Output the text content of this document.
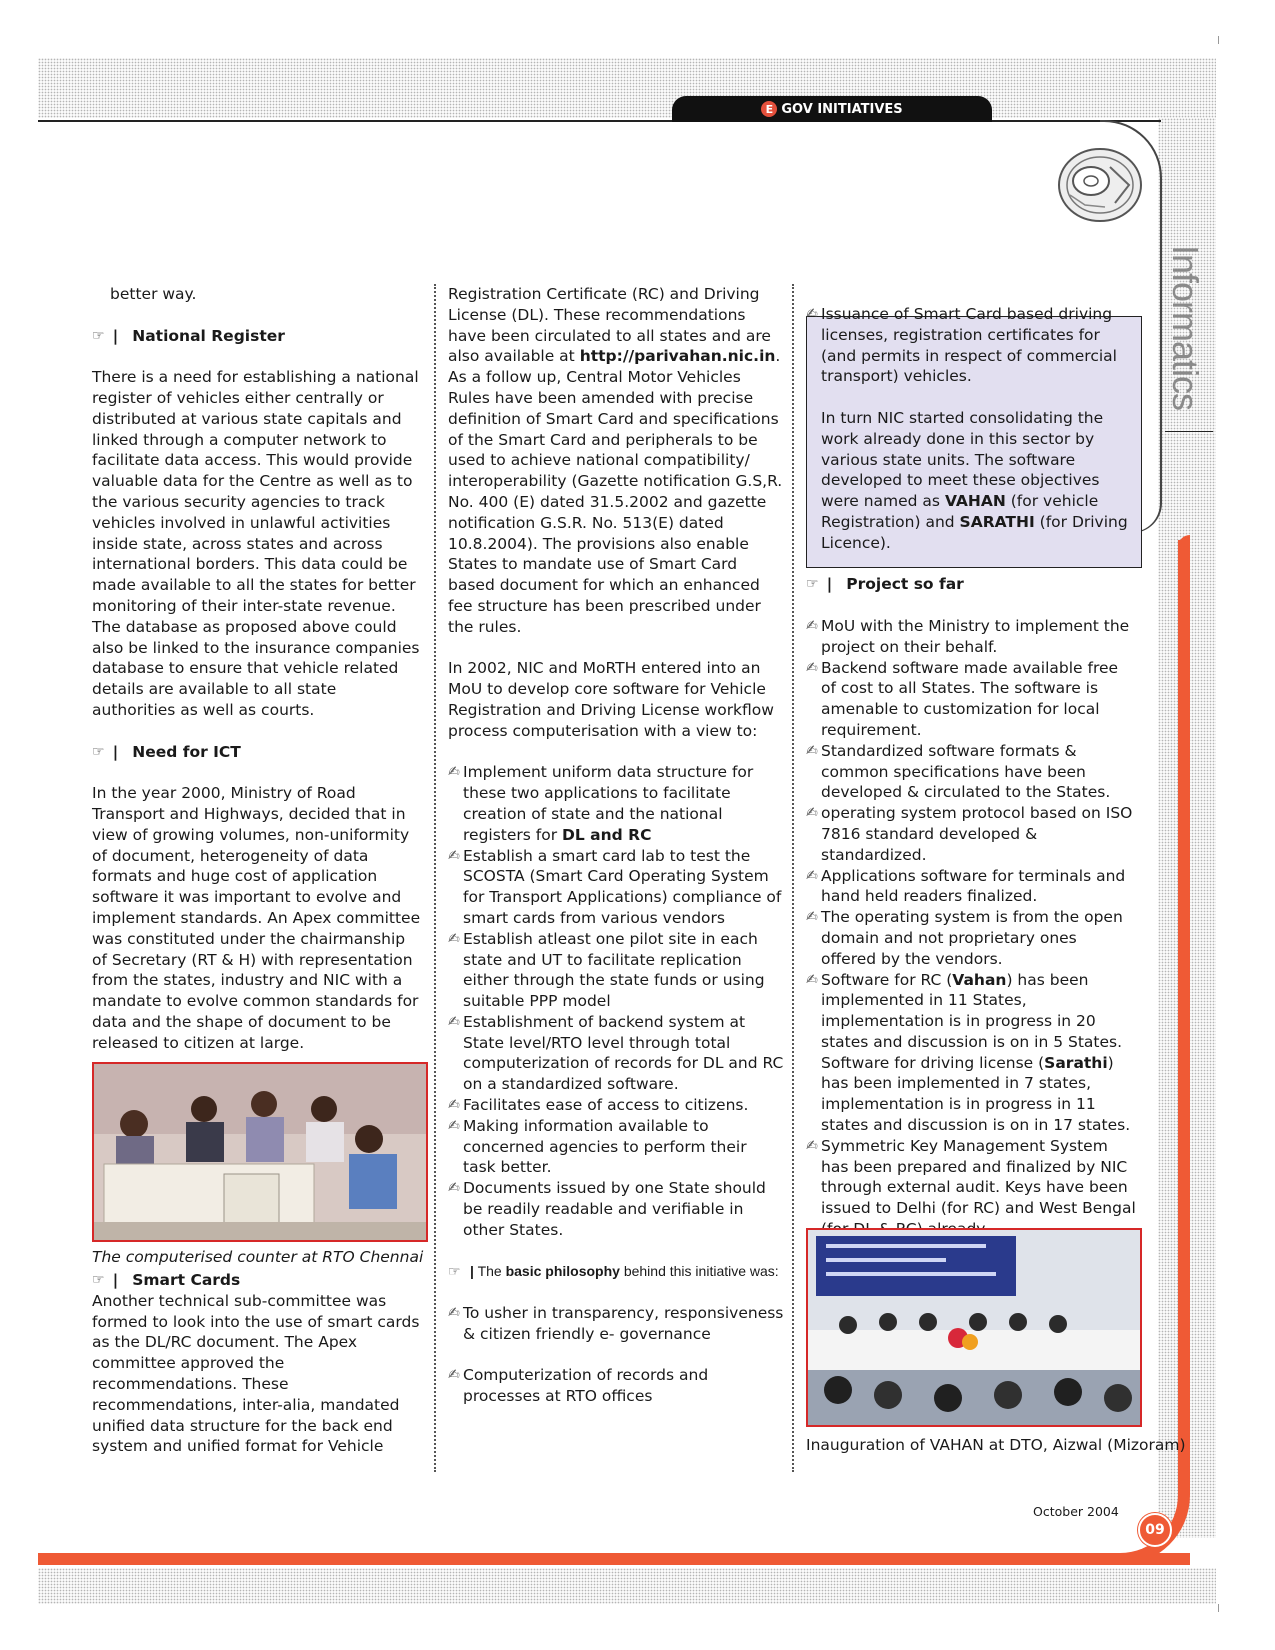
E GOV INITIATIVES
Informatics

better way.

☞ | National Register

There is a need for establishing a national register of vehicles either centrally or distributed at various state capitals and linked through a computer network to facilitate data access. This would provide valuable data for the Centre as well as to the various security agencies to track vehicles involved in unlawful activities inside state, across states and across international borders. This data could be made available to all the states for better monitoring of their inter-state revenue. The database as proposed above could also be linked to the insurance companies database to ensure that vehicle related details are available to all state authorities as well as courts.

☞ | Need for ICT

In the year 2000, Ministry of Road Transport and Highways, decided that in view of growing volumes, non-uniformity of document, heterogeneity of data formats and huge cost of application software it was important to evolve and implement standards. An Apex committee was constituted under the chairmanship of Secretary (RT & H) with representation from the states, industry and NIC with a mandate to evolve common standards for data and the shape of document to be released to citizen at large.

The computerised counter at RTO Chennai
☞ | Smart Cards

Another technical sub-committee was formed to look into the use of smart cards as the DL/RC document. The Apex committee approved the recommendations. These recommendations, inter-alia, mandated unified data structure for the back end system and unified format for Vehicle

Registration Certificate (RC) and Driving License (DL). These recommendations have been circulated to all states and are also available at http://parivahan.nic.in. As a follow up, Central Motor Vehicles Rules have been amended with precise definition of Smart Card and specifications of the Smart Card and peripherals to be used to achieve national compatibility/ interoperability (Gazette notification G.S,R. No. 400 (E) dated 31.5.2002 and gazette notification G.S.R. No. 513(E) dated 10.8.2004). The provisions also enable States to mandate use of Smart Card based document for which an enhanced fee structure has been prescribed under the rules.

In 2002, NIC and MoRTH entered into an MoU to develop core software for Vehicle Registration and Driving License workflow process computerisation with a view to:

✍ Implement uniform data structure for these two applications to facilitate creation of state and the national registers for DL and RC
✍ Establish a smart card lab to test the SCOSTA (Smart Card Operating System for Transport Applications) compliance of smart cards from various vendors
✍ Establish atleast one pilot site in each state and UT to facilitate replication either through the state funds or using suitable PPP model
✍ Establishment of backend system at State level/RTO level through total computerization of records for DL and RC on a standardized software.
✍ Facilitates ease of access to citizens.
✍ Making information available to concerned agencies to perform their task better.
✍ Documents issued by one State should be readily readable and verifiable in other States.
☞ | The basic philosophy behind this initiative was:
✍ To usher in transparency, responsiveness & citizen friendly e- governance
✍ Computerization of records and processes at RTO offices
✍ Issuance of Smart Card based driving licenses, registration certificates for (and permits in respect of commercial transport) vehicles.

In turn NIC started consolidating the work already done in this sector by various state units. The software developed to meet these objectives were named as VAHAN (for vehicle Registration) and SARATHI (for Driving Licence).

☞ | Project so far
✍ MoU with the Ministry to implement the project on their behalf.
✍ Backend software made available free of cost to all States. The software is amenable to customization for local requirement.
✍ Standardized software formats & common specifications have been developed & circulated to the States.
✍ operating system protocol based on ISO 7816 standard developed & standardized.
✍ Applications software for terminals and hand held readers finalized.
✍ The operating system is from the open domain and not proprietary ones offered by the vendors.
✍ Software for RC (Vahan) has been implemented in 11 States, implementation is in progress in 20 states and discussion is on in 5 States. Software for driving license (Sarathi) has been implemented in 7 states, implementation is in progress in 11 states and discussion is on in 17 states.
✍ Symmetric Key Management System has been prepared and finalized by NIC through external audit. Keys have been issued to Delhi (for RC) and West Bengal
Inauguration of VAHAN at DTO, Aizwal (Mizoram)
October 2004
09
